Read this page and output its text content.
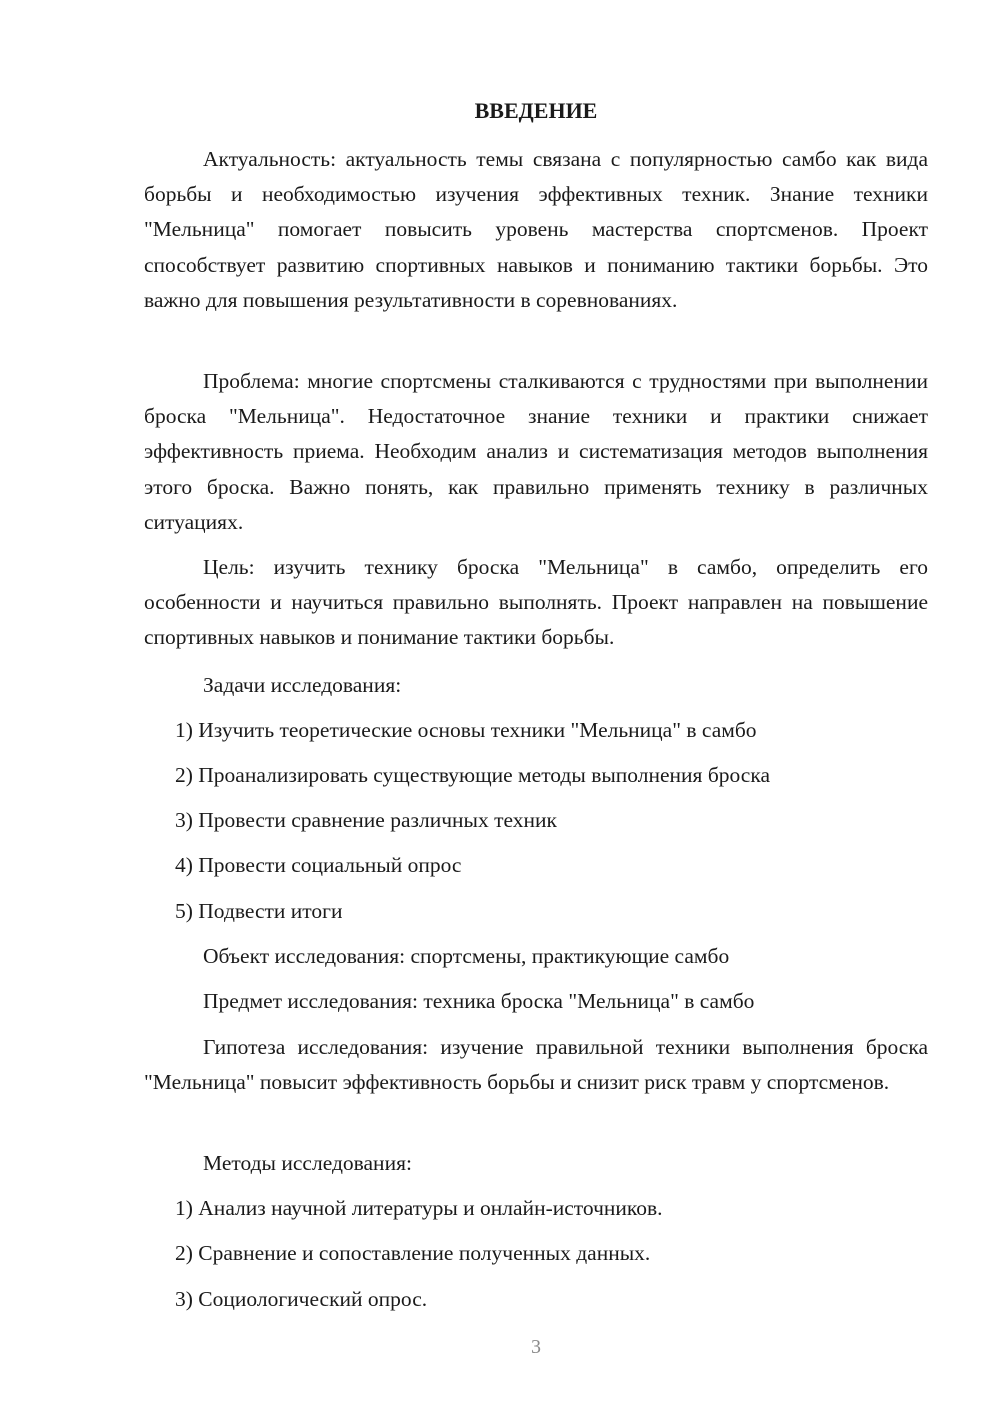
ВВЕДЕНИЕ

Актуальность: актуальность темы связана с популярностью самбо как вида борьбы и необходимостью изучения эффективных техник. Знание техники "Мельница" помогает повысить уровень мастерства спортсменов. Проект способствует развитию спортивных навыков и пониманию тактики борьбы. Это важно для повышения результативности в соревнованиях.

Проблема: многие спортсмены сталкиваются с трудностями при выполнении броска "Мельница". Недостаточное знание техники и практики снижает эффективность приема. Необходим анализ и систематизация методов выполнения этого броска. Важно понять, как правильно применять технику в различных ситуациях.

Цель: изучить технику броска "Мельница" в самбо, определить его особенности и научиться правильно выполнять. Проект направлен на повышение спортивных навыков и понимание тактики борьбы.

Задачи исследования:

1) Изучить теоретические основы техники "Мельница" в самбо

2) Проанализировать существующие методы выполнения броска

3) Провести сравнение различных техник

4) Провести социальный опрос

5) Подвести итоги

Объект исследования: спортсмены, практикующие самбо

Предмет исследования: техника броска "Мельница" в самбо

Гипотеза исследования: изучение правильной техники выполнения броска "Мельница" повысит эффективность борьбы и снизит риск травм у спортсменов.

Методы исследования:

1) Анализ научной литературы и онлайн-источников.

2) Сравнение и сопоставление полученных данных.

3) Социологический опрос.

3
